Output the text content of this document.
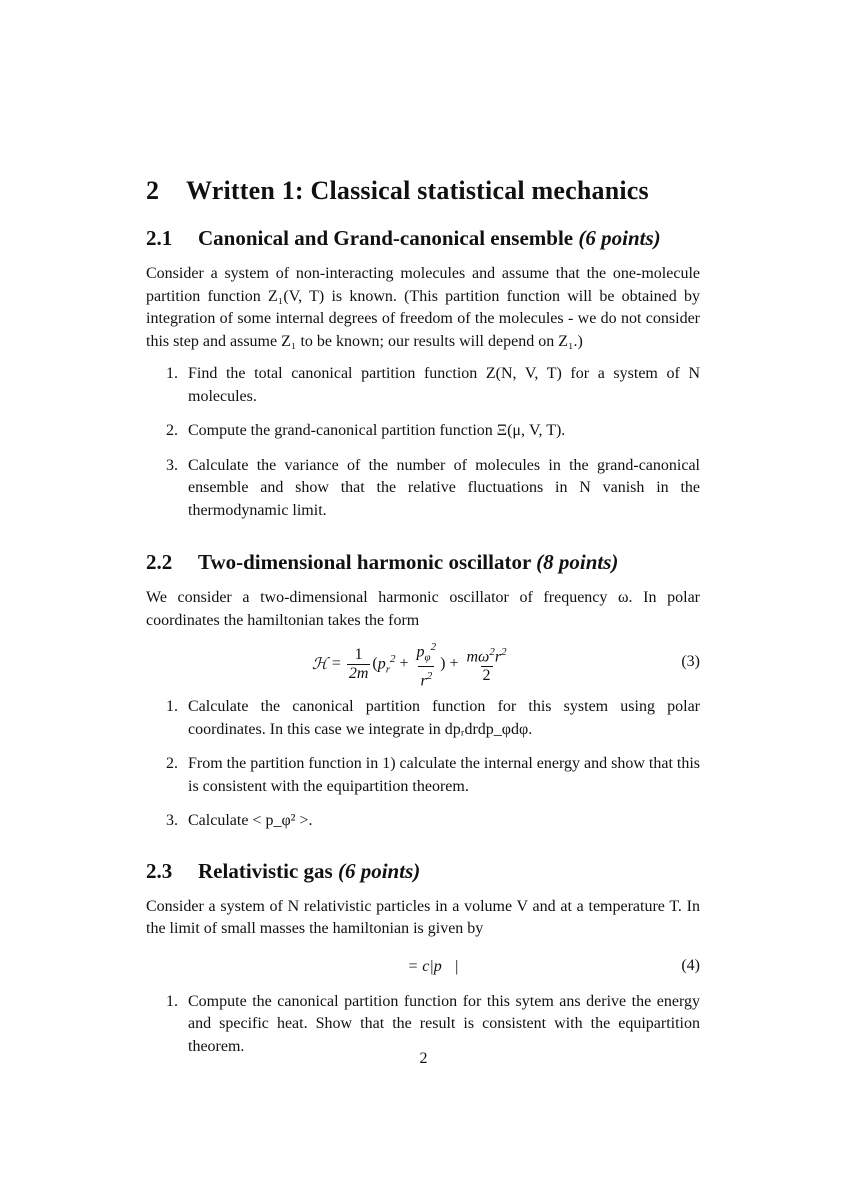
2 Written 1: Classical statistical mechanics
2.1 Canonical and Grand-canonical ensemble (6 points)

Consider a system of non-interacting molecules and assume that the one-molecule partition function Z₁(V, T) is known. (This partition function will be obtained by integration of some internal degrees of freedom of the molecules - we do not consider this step and assume Z₁ to be known; our results will depend on Z₁.)

1. Find the total canonical partition function Z(N, V, T) for a system of N molecules.
2. Compute the grand-canonical partition function Ξ(μ, V, T).
3. Calculate the variance of the number of molecules in the grand-canonical ensemble and show that the relative fluctuations in N vanish in the thermodynamic limit.
2.2 Two-dimensional harmonic oscillator (8 points)

We consider a two-dimensional harmonic oscillator of frequency ω. In polar coordinates the hamiltonian takes the form

ℋ = $\frac{1}{2m}$ ( $p_r^2 + \frac{p_\varphi^2}{r^2}$ ) + $\frac{m\omega^2r^2}{2}$	(3)
1. Calculate the canonical partition function for this system using polar coordinates. In this case we integrate in dpᵣdrdp_φdφ.
2. From the partition function in 1) calculate the internal energy and show that this is consistent with the equipartition theorem.
3. Calculate < p_φ² >.
2.3 Relativistic gas (6 points)

Consider a system of N relativistic particles in a volume V and at a temperature T. In the limit of small masses the hamiltonian is given by

ℋ = c|p⃗|	(4)
1. Compute the canonical partition function for this sytem ans derive the energy and specific heat. Show that the result is consistent with the equipartition theorem.
2
